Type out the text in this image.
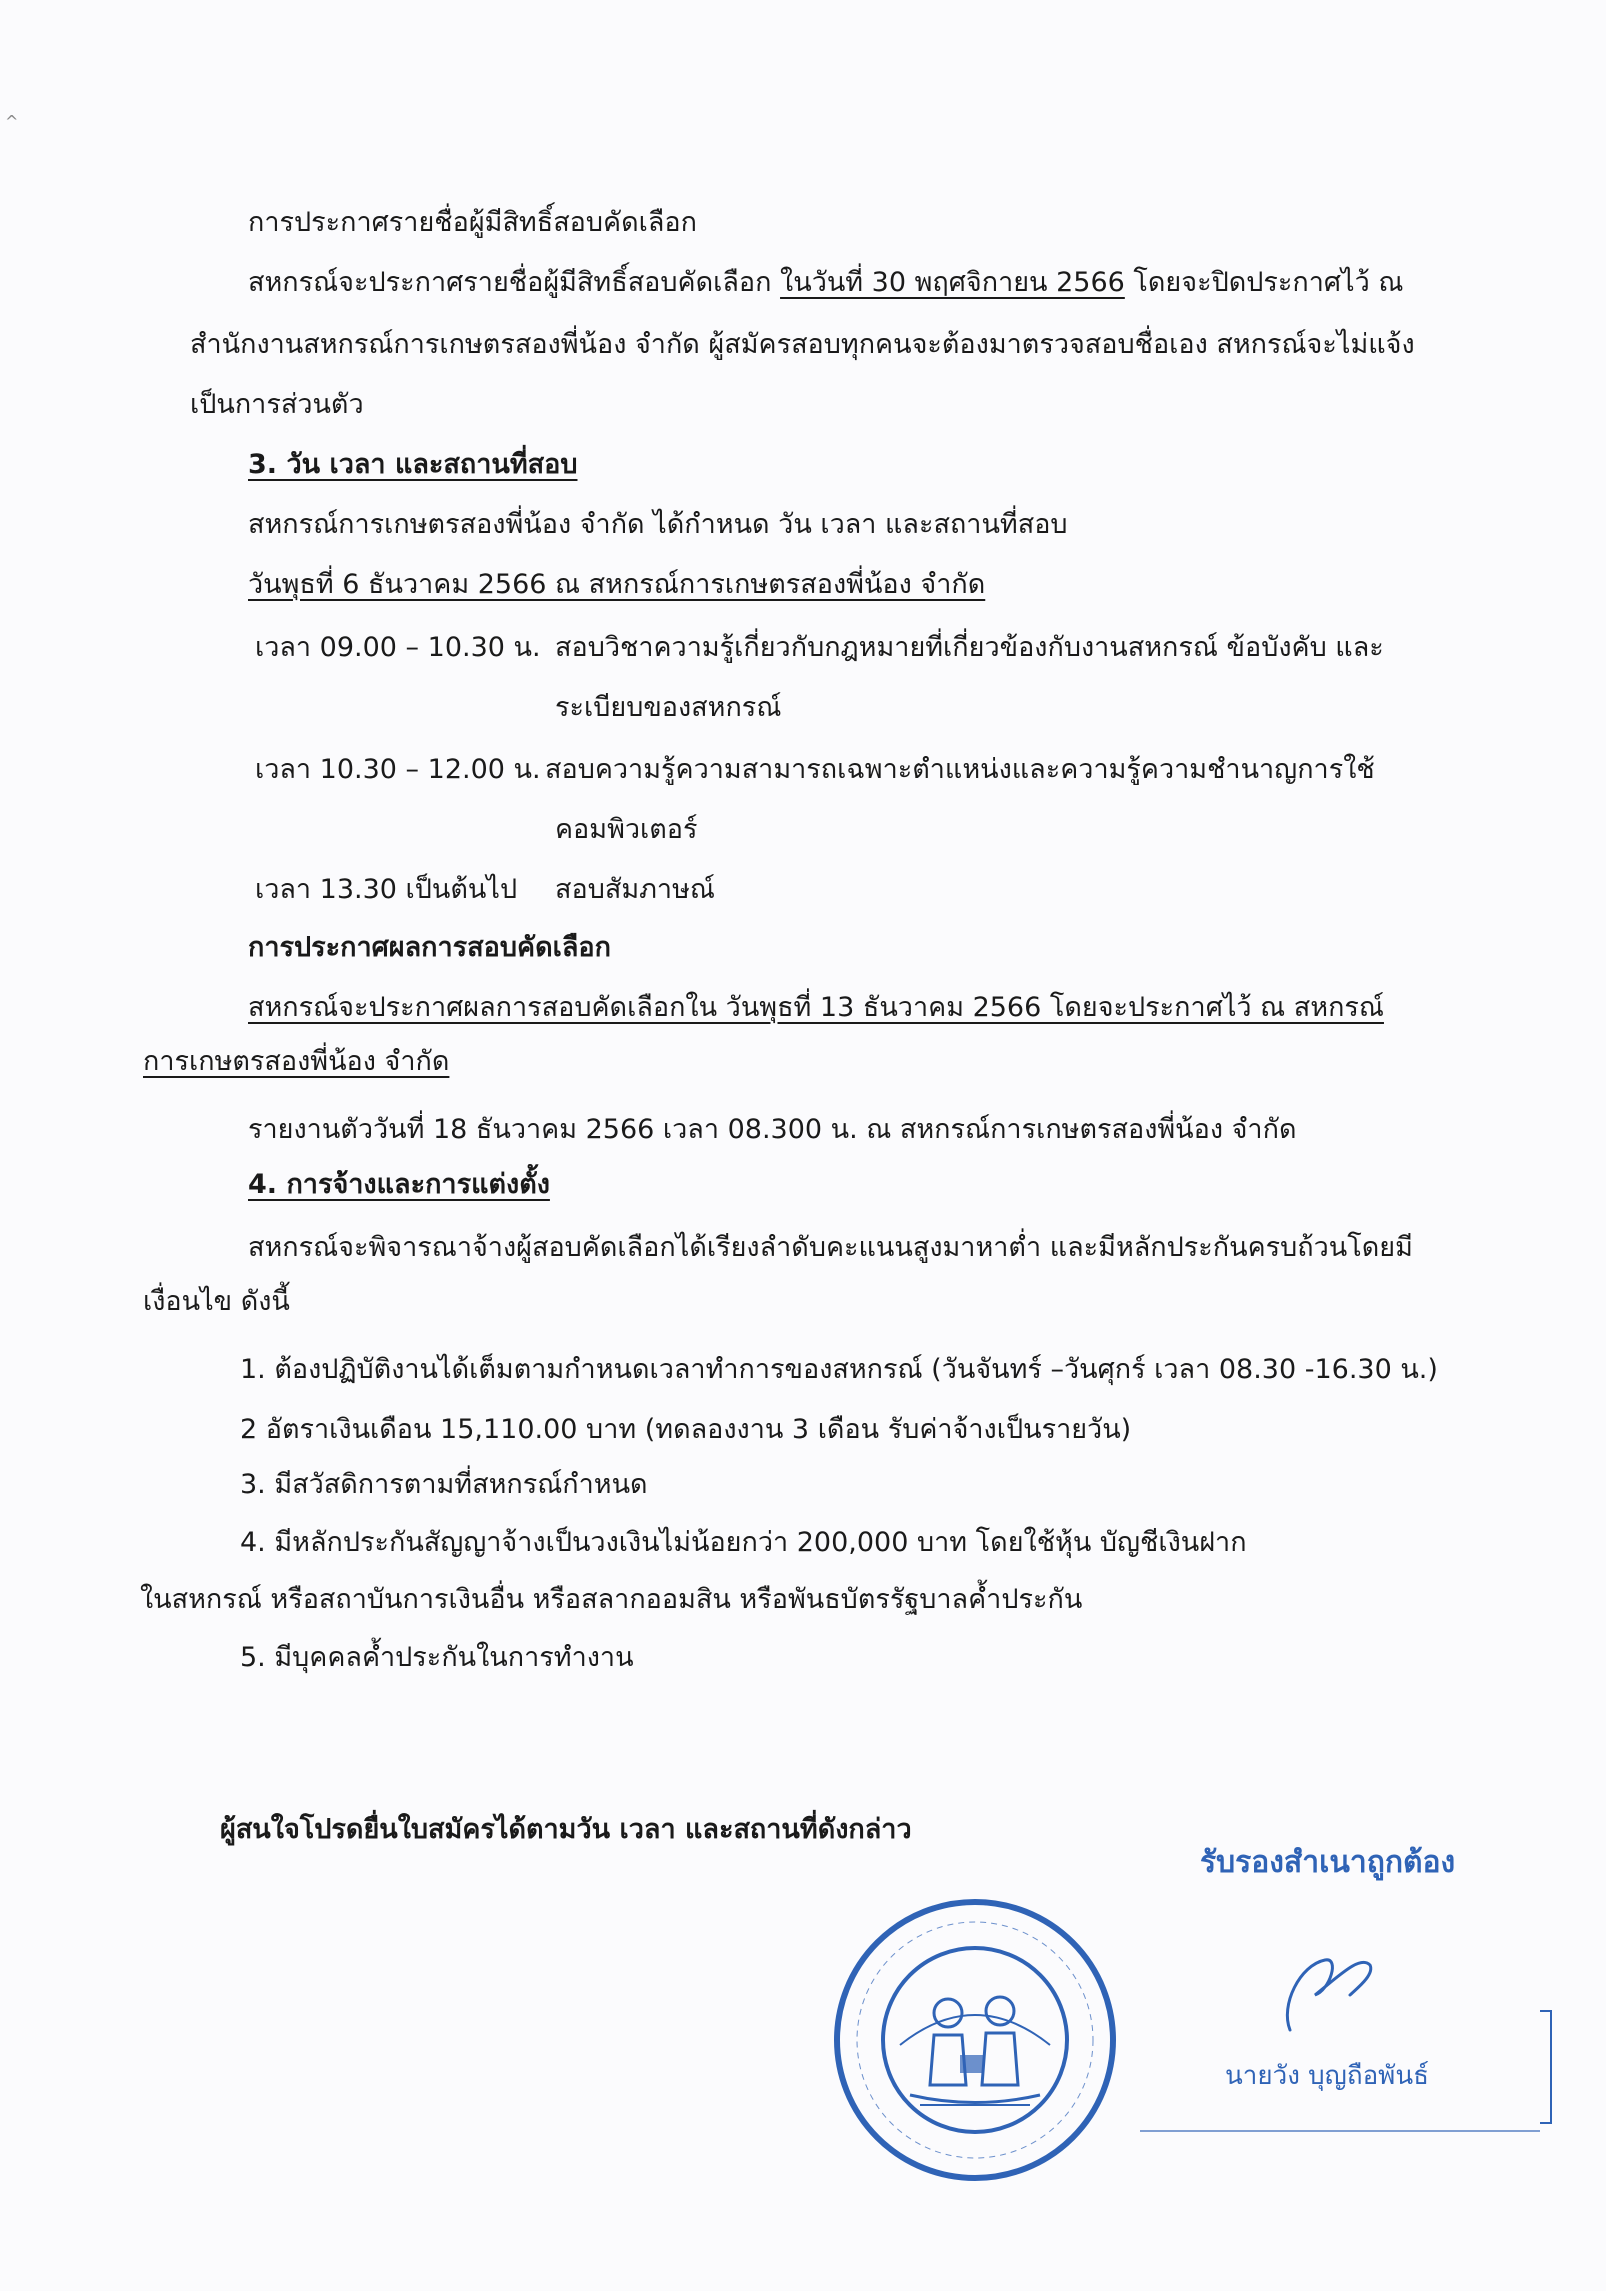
^
การประกาศรายชื่อผู้มีสิทธิ์สอบคัดเลือก
สหกรณ์จะประกาศรายชื่อผู้มีสิทธิ์สอบคัดเลือก ในวันที่ 30 พฤศจิกายน 2566 โดยจะปิดประกาศไว้ ณ
สำนักงานสหกรณ์การเกษตรสองพี่น้อง จำกัด ผู้สมัครสอบทุกคนจะต้องมาตรวจสอบชื่อเอง สหกรณ์จะไม่แจ้ง
เป็นการส่วนตัว
3. วัน เวลา และสถานที่สอบ
สหกรณ์การเกษตรสองพี่น้อง จำกัด ได้กำหนด วัน เวลา และสถานที่สอบ
วันพุธที่ 6 ธันวาคม 2566 ณ สหกรณ์การเกษตรสองพี่น้อง จำกัด
เวลา 09.00 – 10.30 น. สอบวิชาความรู้เกี่ยวกับกฎหมายที่เกี่ยวข้องกับงานสหกรณ์ ข้อบังคับ และ
ระเบียบของสหกรณ์
เวลา 10.30 – 12.00 น. สอบความรู้ความสามารถเฉพาะตำแหน่งและความรู้ความชำนาญการใช้
คอมพิวเตอร์
เวลา 13.30 เป็นต้นไป สอบสัมภาษณ์
การประกาศผลการสอบคัดเลือก
สหกรณ์จะประกาศผลการสอบคัดเลือกใน วันพุธที่ 13 ธันวาคม 2566 โดยจะประกาศไว้ ณ สหกรณ์
การเกษตรสองพี่น้อง จำกัด
รายงานตัววันที่ 18 ธันวาคม 2566 เวลา 08.300 น. ณ สหกรณ์การเกษตรสองพี่น้อง จำกัด
4. การจ้างและการแต่งตั้ง
สหกรณ์จะพิจารณาจ้างผู้สอบคัดเลือกได้เรียงลำดับคะแนนสูงมาหาต่ำ และมีหลักประกันครบถ้วนโดยมี
เงื่อนไข ดังนี้
1. ต้องปฏิบัติงานได้เต็มตามกำหนดเวลาทำการของสหกรณ์ (วันจันทร์ –วันศุกร์ เวลา 08.30 -16.30 น.)
2 อัตราเงินเดือน 15,110.00 บาท (ทดลองงาน 3 เดือน รับค่าจ้างเป็นรายวัน)
3. มีสวัสดิการตามที่สหกรณ์กำหนด
4. มีหลักประกันสัญญาจ้างเป็นวงเงินไม่น้อยกว่า 200,000 บาท โดยใช้หุ้น บัญชีเงินฝาก
ในสหกรณ์ หรือสถาบันการเงินอื่น หรือสลากออมสิน หรือพันธบัตรรัฐบาลค้ำประกัน
5. มีบุคคลค้ำประกันในการทำงาน
ผู้สนใจโปรดยื่นใบสมัครได้ตามวัน เวลา และสถานที่ดังกล่าว
รับรองสำเนาถูกต้อง
นายวัง บุญถือพันธ์
